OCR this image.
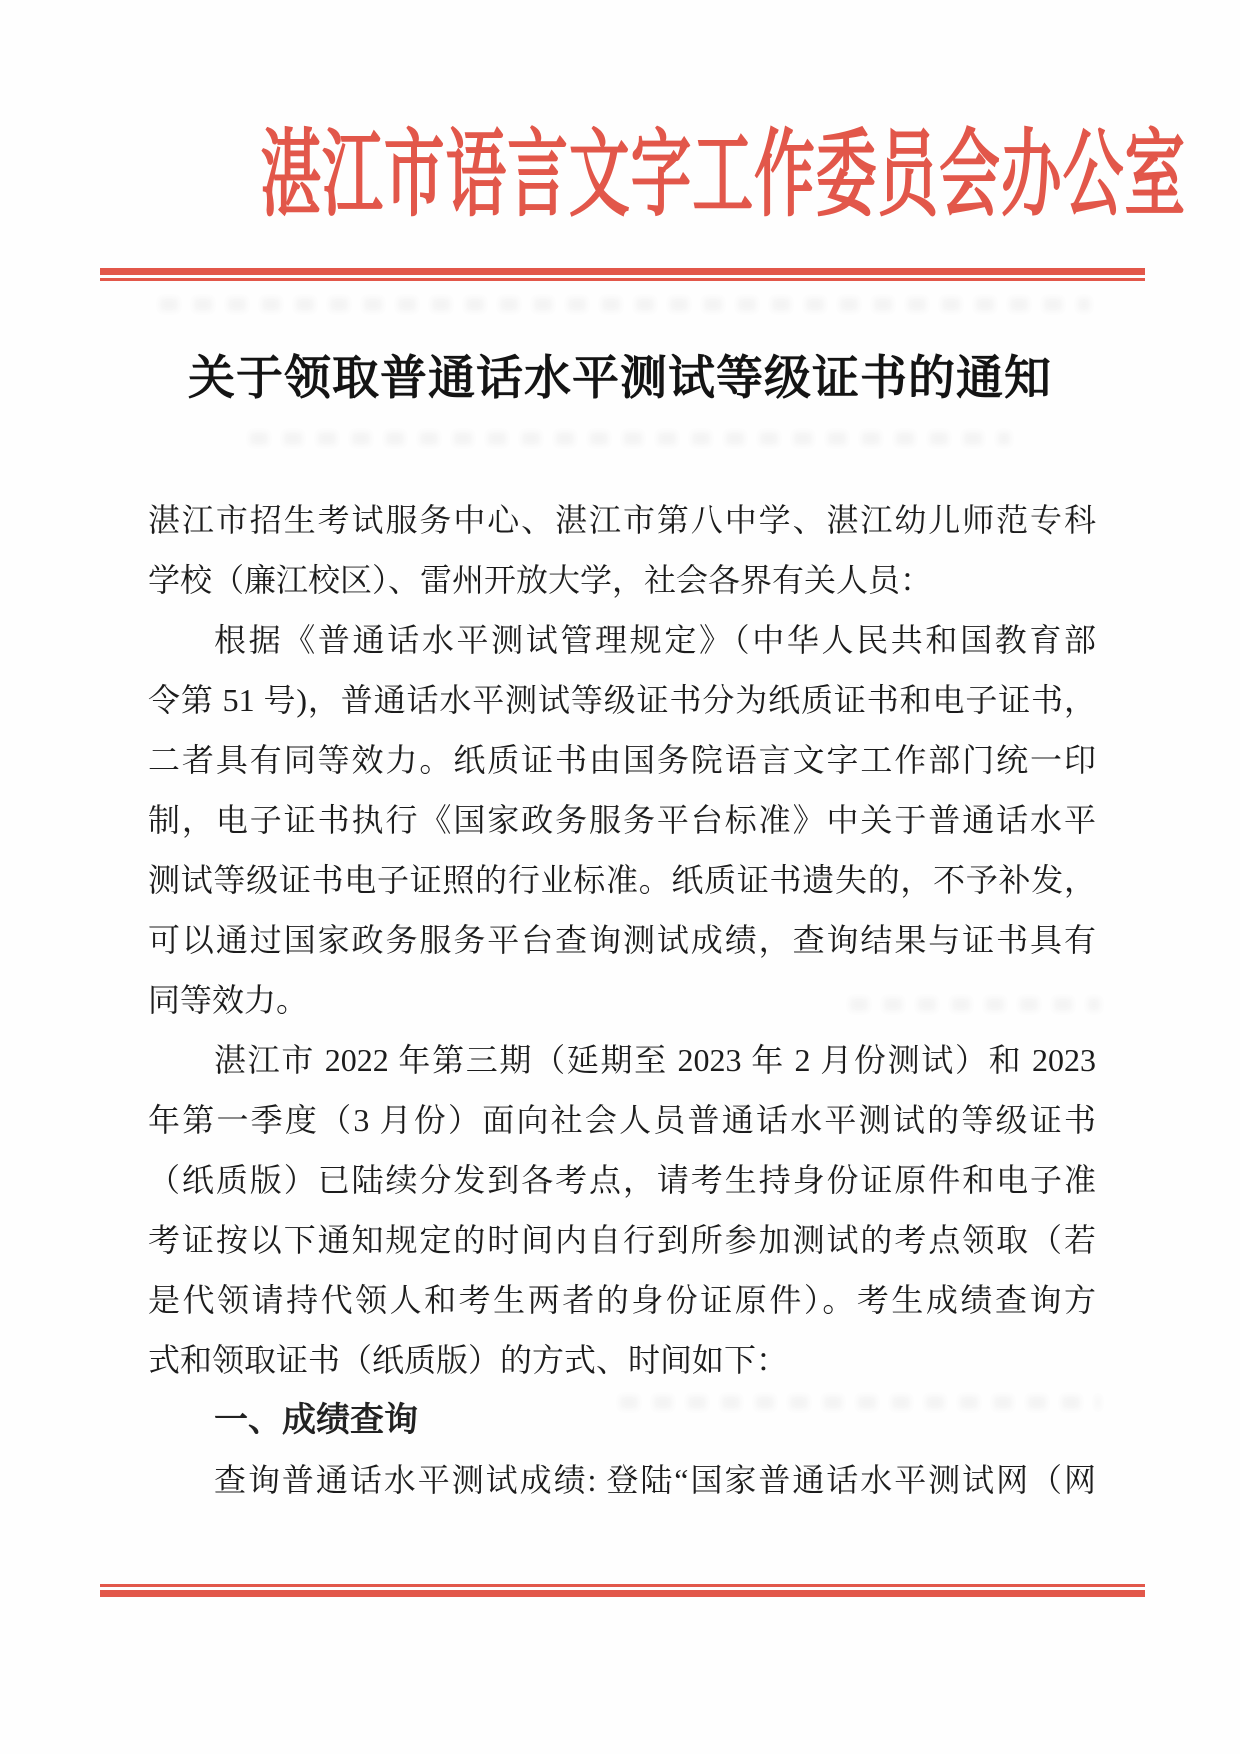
湛江市语言文字工作委员会办公室
关于领取普通话水平测试等级证书的通知
湛江市招生考试服务中心、湛江市第八中学、湛江幼儿师范专科
学校（廉江校区）、雷州开放大学，社会各界有关人员：
根据《普通话水平测试管理规定》（中华人民共和国教育部
令第 51 号)，普通话水平测试等级证书分为纸质证书和电子证书，
二者具有同等效力。纸质证书由国务院语言文字工作部门统一印
制，电子证书执行《国家政务服务平台标准》中关于普通话水平
测试等级证书电子证照的行业标准。纸质证书遗失的，不予补发，
可以通过国家政务服务平台查询测试成绩，查询结果与证书具有
同等效力。
湛江市 2022 年第三期（延期至 2023 年 2 月份测试）和 2023
年第一季度（3 月份）面向社会人员普通话水平测试的等级证书
（纸质版）已陆续分发到各考点，请考生持身份证原件和电子准
考证按以下通知规定的时间内自行到所参加测试的考点领取（若
是代领请持代领人和考生两者的身份证原件）。考生成绩查询方
式和领取证书（纸质版）的方式、时间如下：
一、成绩查询
查询普通话水平测试成绩: 登陆“国家普通话水平测试网（网
